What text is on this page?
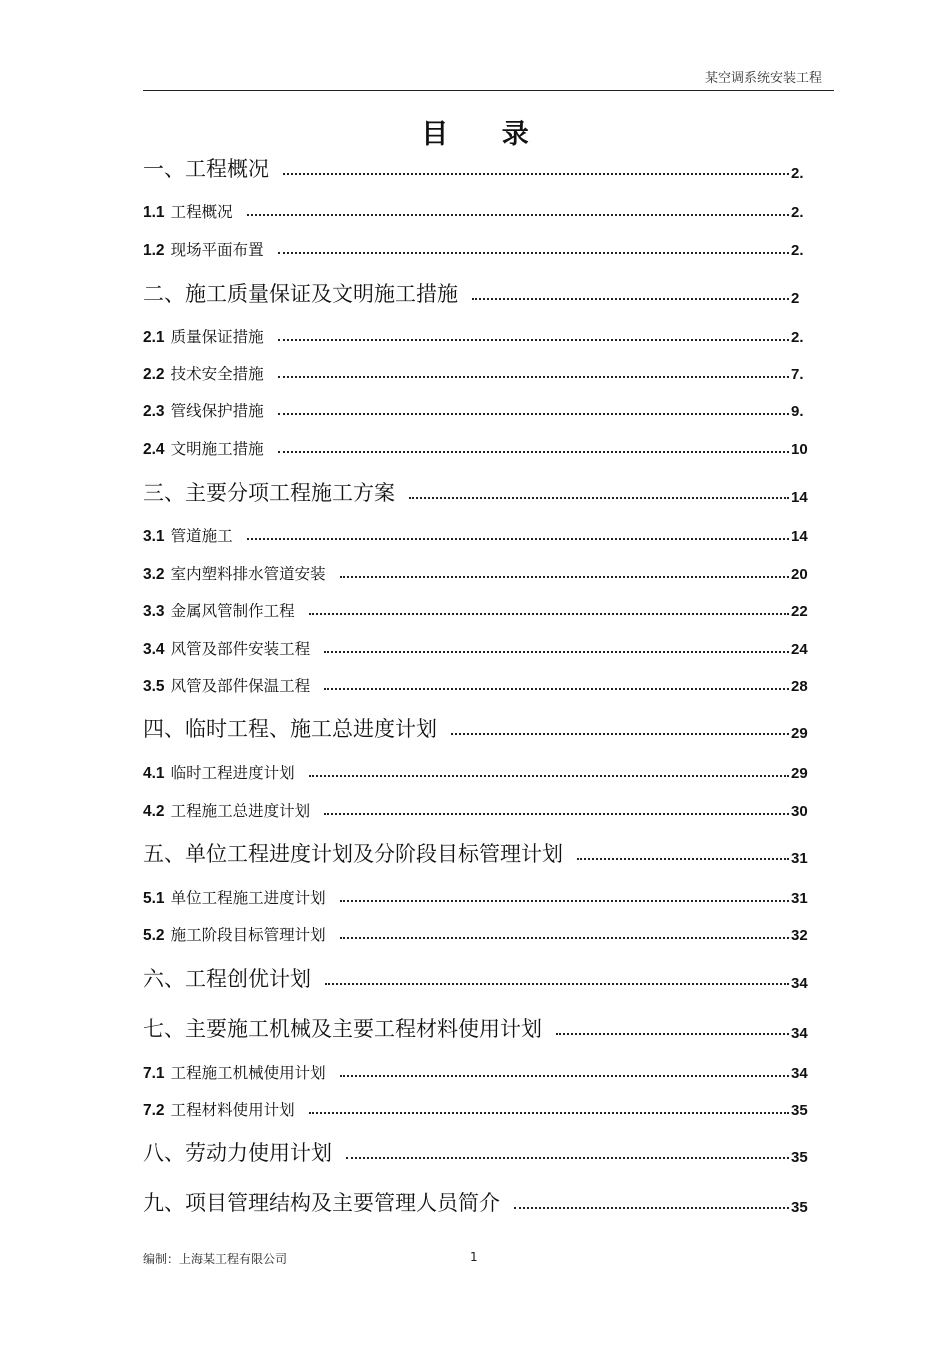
某空调系统安装工程
目 录
一、工程概况	2.
1.1 工程概况	2.
1.2 现场平面布置	2.
二、施工质量保证及文明施工措施	2
2.1 质量保证措施	2.
2.2 技术安全措施	7.
2.3 管线保护措施	9.
2.4 文明施工措施	10
三、主要分项工程施工方案	14
3.1 管道施工	14
3.2 室内塑料排水管道安装	20
3.3 金属风管制作工程	22
3.4 风管及部件安装工程	24
3.5 风管及部件保温工程	28
四、临时工程、施工总进度计划	29
4.1 临时工程进度计划	29
4.2 工程施工总进度计划	30
五、单位工程进度计划及分阶段目标管理计划	31
5.1 单位工程施工进度计划	31
5.2 施工阶段目标管理计划	32
六、工程创优计划	34
七、主要施工机械及主要工程材料使用计划	34
7.1 工程施工机械使用计划	34
7.2 工程材料使用计划	35
八、劳动力使用计划	35
九、项目管理结构及主要管理人员简介	35
编制：上海某工程有限公司	1
